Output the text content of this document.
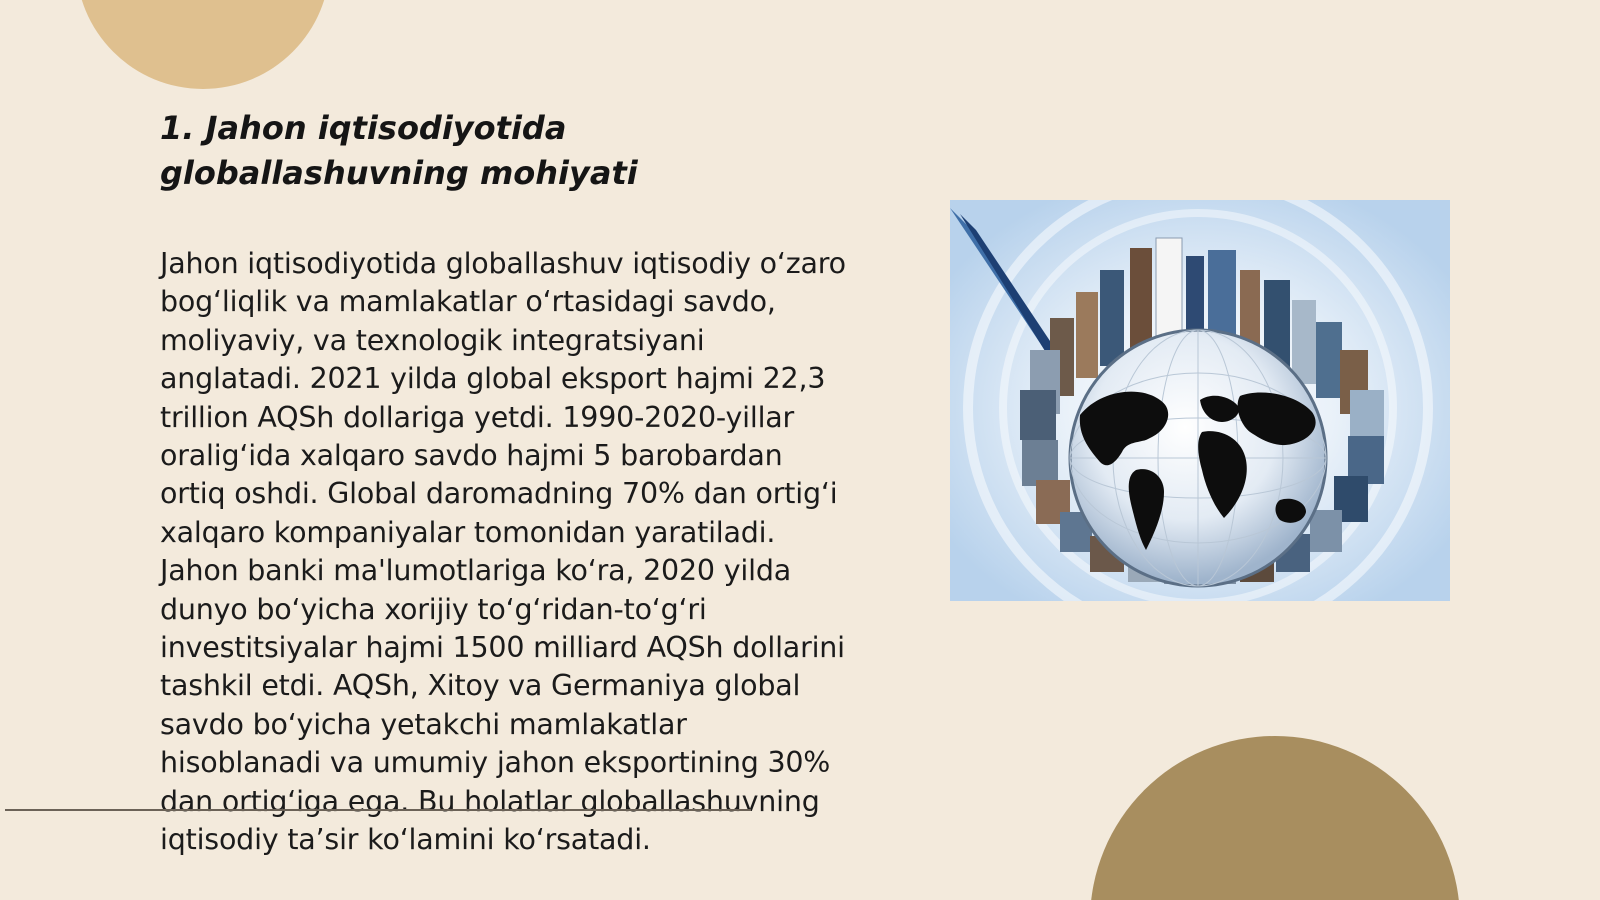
1. Jahon iqtisodiyotida globallashuvning mohiyati

Jahon iqtisodiyotida globallashuv iqtisodiy o‘zaro bog‘liqlik va mamlakatlar o‘rtasidagi savdo, moliyaviy, va texnologik integratsiyani anglatadi. 2021 yilda global eksport hajmi 22,3 trillion AQSh dollariga yetdi. 1990-2020-yillar oralig‘ida xalqaro savdo hajmi 5 barobardan ortiq oshdi. Global daromadning 70% dan ortig‘i xalqaro kompaniyalar tomonidan yaratiladi. Jahon banki ma'lumotlariga ko‘ra, 2020 yilda dunyo bo‘yicha xorijiy to‘g‘ridan-to‘g‘ri investitsiyalar hajmi 1500 milliard AQSh dollarini tashkil etdi. AQSh, Xitoy va Germaniya global savdo bo‘yicha yetakchi mamlakatlar hisoblanadi va umumiy jahon eksportining 30% dan ortig‘iga ega. Bu holatlar globallashuvning iqtisodiy ta’sir ko‘lamini ko‘rsatadi.
